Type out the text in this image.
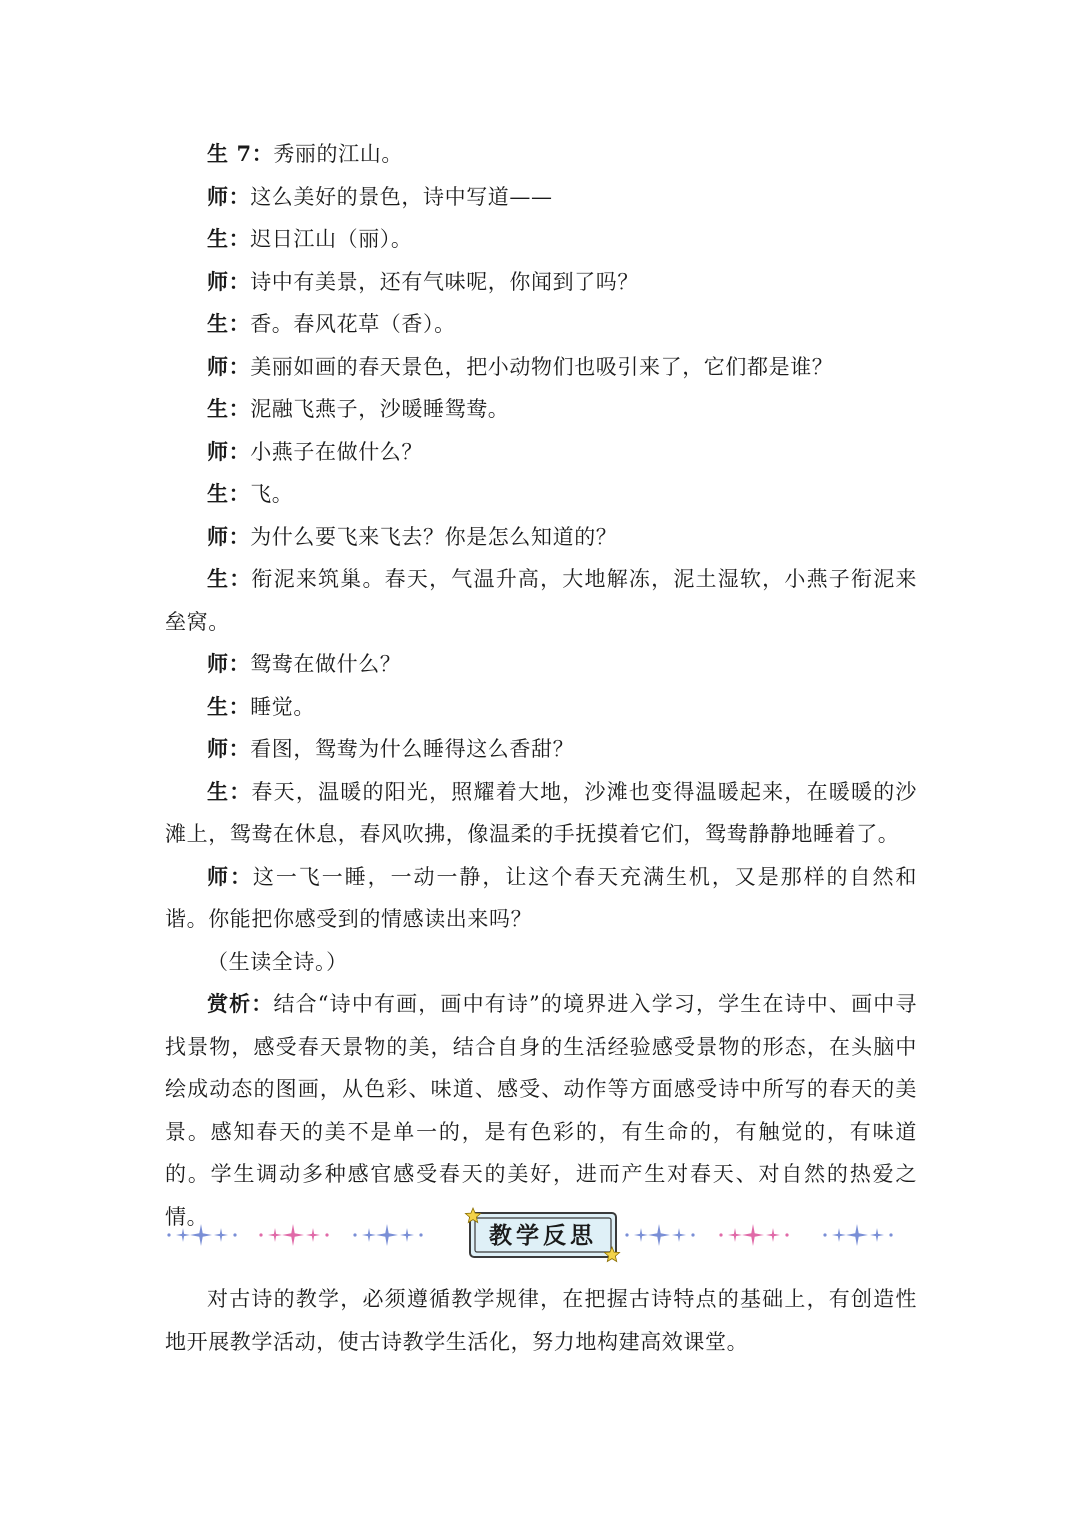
生 7：秀丽的江山。

师：这么美好的景色，诗中写道——

生：迟日江山（丽）。

师：诗中有美景，还有气味呢，你闻到了吗？

生：香。春风花草（香）。

师：美丽如画的春天景色，把小动物们也吸引来了，它们都是谁？

生：泥融飞燕子，沙暖睡鸳鸯。

师：小燕子在做什么？

生：飞。

师：为什么要飞来飞去？你是怎么知道的？

生：衔泥来筑巢。春天，气温升高，大地解冻，泥土湿软，小燕子衔泥来垒窝。

师：鸳鸯在做什么？

生：睡觉。

师：看图，鸳鸯为什么睡得这么香甜？

生：春天，温暖的阳光，照耀着大地，沙滩也变得温暖起来，在暖暖的沙滩上，鸳鸯在休息，春风吹拂，像温柔的手抚摸着它们，鸳鸯静静地睡着了。

师：这一飞一睡，一动一静，让这个春天充满生机，又是那样的自然和谐。你能把你感受到的情感读出来吗？

（生读全诗。）

赏析：结合“诗中有画，画中有诗”的境界进入学习，学生在诗中、画中寻找景物，感受春天景物的美，结合自身的生活经验感受景物的形态，在头脑中绘成动态的图画，从色彩、味道、感受、动作等方面感受诗中所写的春天的美景。感知春天的美不是单一的，是有色彩的，有生命的，有触觉的，有味道的。学生调动多种感官感受春天的美好，进而产生对春天、对自然的热爱之情。

教学反思

对古诗的教学，必须遵循教学规律，在把握古诗特点的基础上，有创造性地开展教学活动，使古诗教学生活化，努力地构建高效课堂。
